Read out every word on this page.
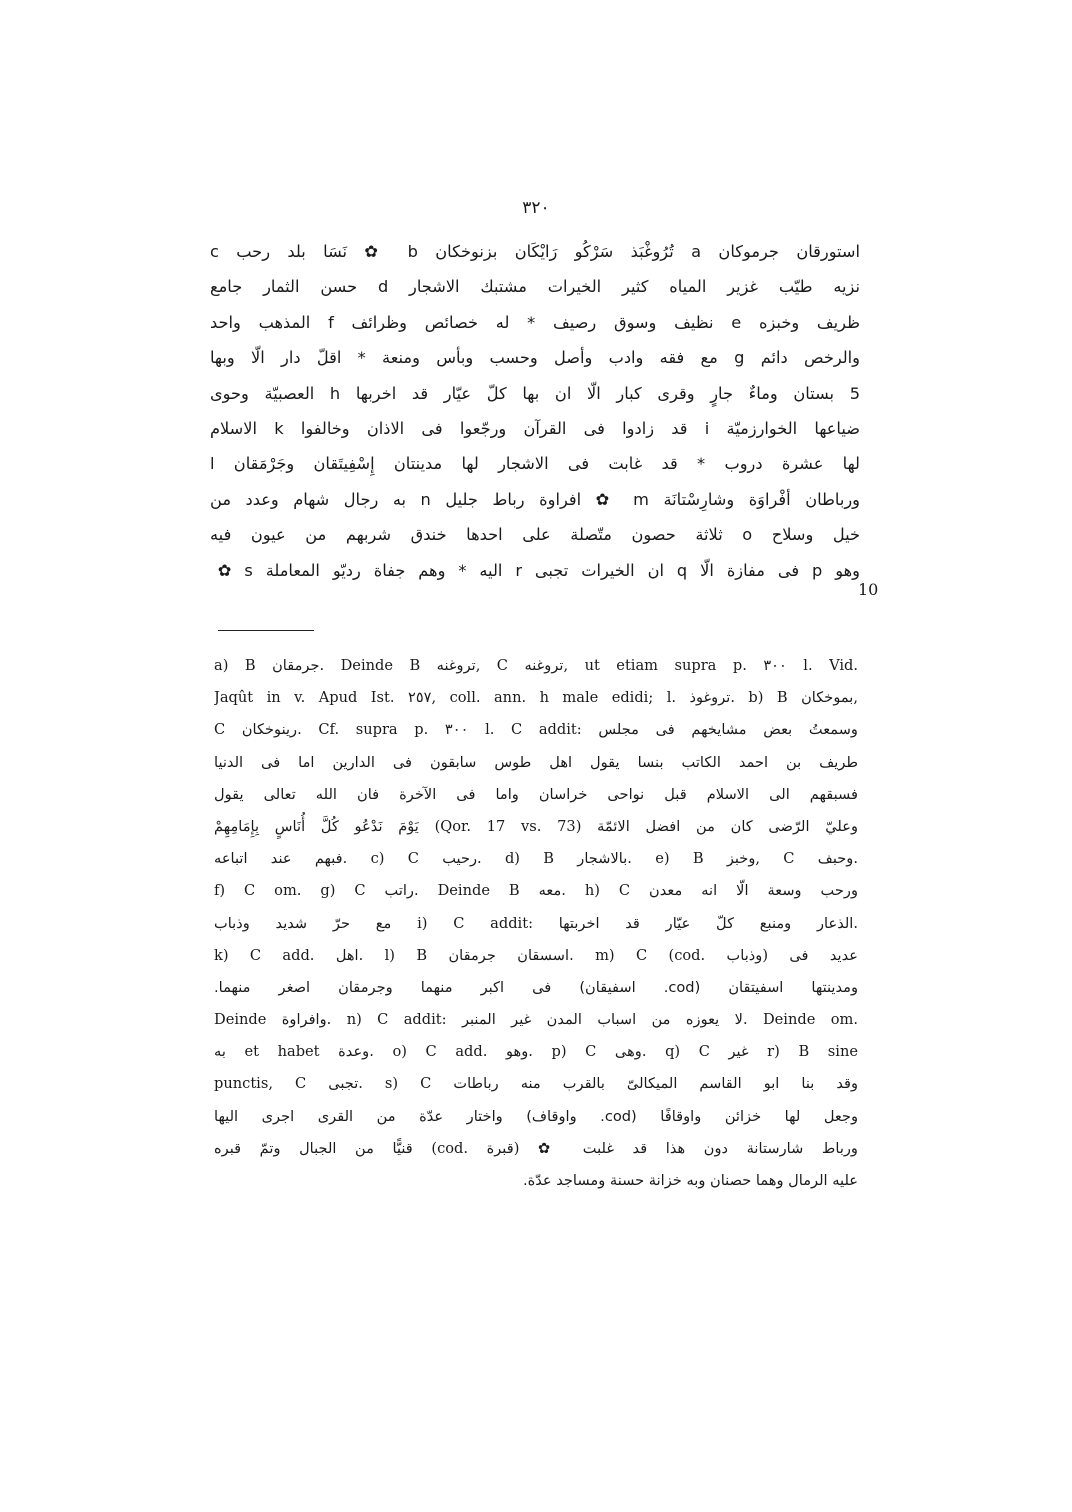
٣٢٠
استورقان جرموكان a تُرُوغْبَذ سَرْكُو رَايْكَان بزنوخكان b ✿ نَسَا بلد رحب c
نزيه طيّب غزير المياه كثير الخيرات مشتبك الاشجار d حسن الثمار جامع
ظريف وخبزه e نظيف وسوق رصيف * له خصائص وظرائف f المذهب واحد
والرخص دائم g مع فقه وادب وأصل وحسب وبأس ومنعة * اقلّ دار الّا وبها
5 بستان وماءٌ جارٍ وقرى كبار الّا ان بها كلّ عيّار قد اخربها h العصبيّة وحوى
ضياعها الخوارزميّة i قد زادوا فى القرآن ورجّعوا فى الاذان وخالفوا k الاسلام
لها عشرة دروب * قد غابت فى الاشجار لها مدينتان إِسْفِيتَقان وجَرْمَقان l
ورباطان أفْراوَة وشارِسْتانَة m ✿ افراوة رباط جليل n به رجال شهام وعدد من
خيل وسلاح o ثلاثة حصون متّصلة على احدها خندق شربهم من عيون فيه
وهو p فى مفازة الّا q ان الخيرات تجبى r اليه * وهم جفاة رديّو المعاملة s ✿
10
a) B جرمقان. Deinde B تروغنه, C تروغنه, ut etiam supra p. ٣٠٠ l. Vid.
Jaqût in v. Apud Ist. ٢٥٧, coll. ann. h male edidi; l. تروغوذ. b) B بموخكان,
C رينوخكان. Cf. supra p. ٣٠٠ l. C addit: وسمعتُ بعض مشايخهم فى مجلس
طريف بن احمد الكاتب بنسا يقول اهل طوس سابقون فى الدارين اما فى الدنيا
فسبقهم الى الاسلام قبل نواحى خراسان واما فى الآخرة فان الله تعالى يقول
يَوْمَ نَدْعُو كُلَّ أُنَاسٍ بِإِمَامِهِمْ (Qor. 17 vs. 73) وعليّ الرّضى كان من افضل الائمّة
فبهم عند اتباعه. c) C رحيب. d) B بالاشجار. e) B وخبز, C وحبف.
f) C om. g) C راتب. Deinde B معه. h) C ورحب وسعة الّا انه معدن
مع حرّ شديد وذباب i) C addit: الذعار ومنبع كلّ عيّار قد اخربتها.
k) C add. اهل. l) B اسسقان جرمقان. m) C (cod. وذباب) عديد فى
ومدينتها اسفيتقان (cod. اسفيقان) فى اكبر منهما وجرمقان اصغر منهما.
Deinde وافراوة. n) C addit: لا يعوزه من اسباب المدن غير المنبر. Deinde om.
به et habet وعدة. o) C add. وهو. p) C وهى. q) C غير r) B sine
punctis, C تجبى. s) C وقد بنا ابو القاسم الميكالىّ بالقرب منه رباطات
وجعل لها خزائن واوقافًا (cod. واوقاف) واختار عدّة من القرى اجرى اليها
قنيًّا من الجبال وتمّ قبره (cod. قبرة) ✿ ورباط شارستانة دون هذا قد غلبت
عليه الرمال وهما حصنان وبه خزانة حسنة ومساجد عدّة.
